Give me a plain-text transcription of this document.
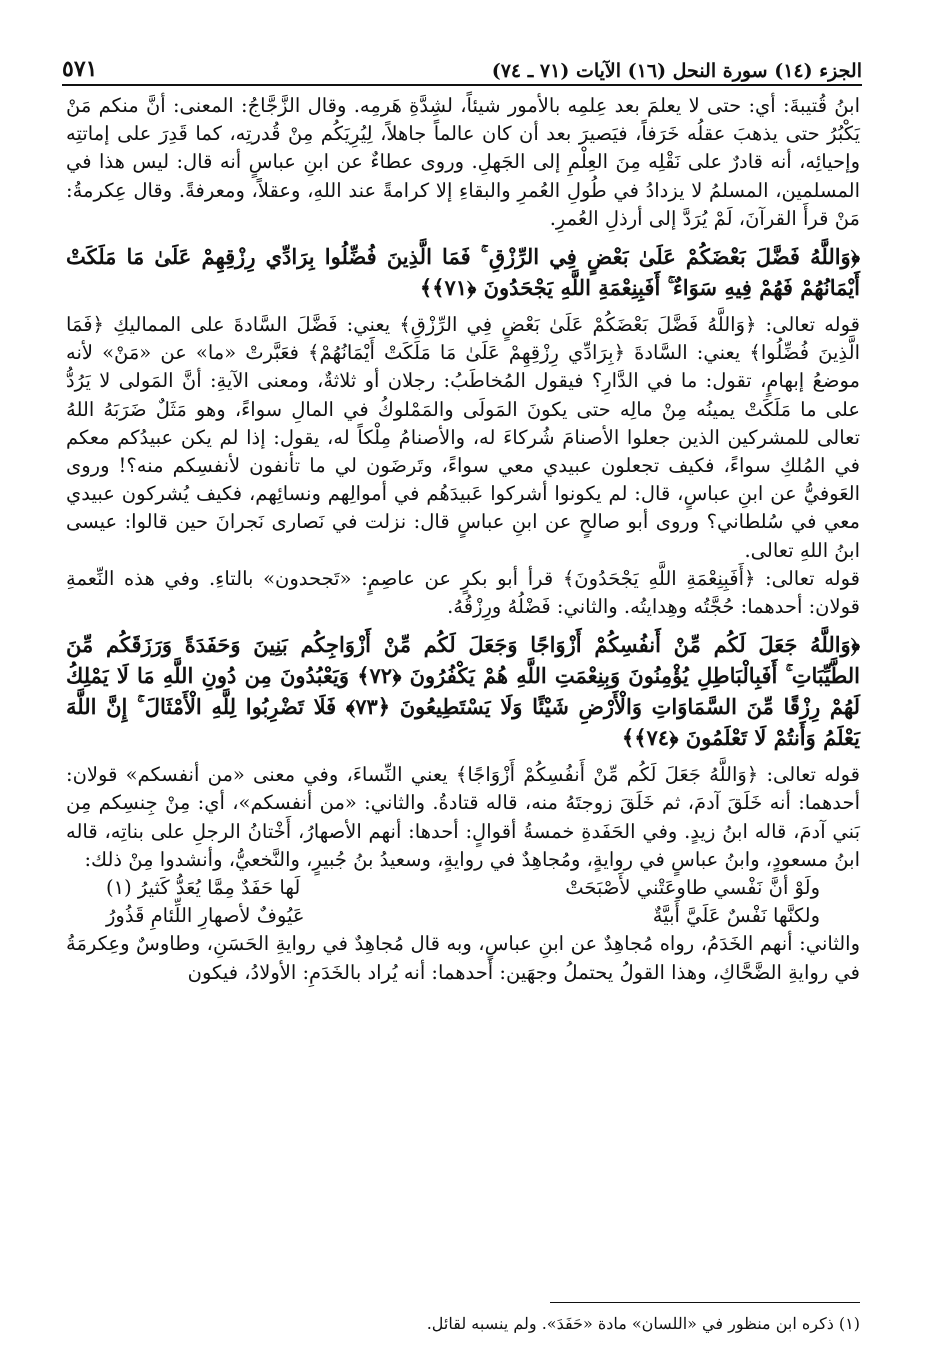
الجزء (١٤) سورة النحل (١٦) الآيات (٧١ ـ ٧٤)
٥٧١

ابنُ قُتيبةَ: أي: حتى لا يعلمَ بعد عِلمِه بالأمور شيئاً، لشِدَّةِ هَرمِه. وقال الزَّجَّاجُ: المعنى: أنَّ منكم مَنْ يَكْبُرُ حتى يذهبَ عقلُه خَرَفاً، فيَصيرَ بعد أن كان عالماً جاهلاً، لِيُرِيَكُم مِنْ قُدرتِه، كما قَدِرَ على إماتتِه وإحيائِه، أنه قادرٌ على نَقْلِه مِنَ العِلْمِ إلى الجَهلِ. وروى عطاءٌ عن ابنِ عباسٍ أنه قال: ليس هذا في المسلمين، المسلمُ لا يزدادُ في طُولِ العُمرِ والبقاءِ إلا كرامةً عند اللهِ، وعقلاً، ومعرفةً. وقال عِكرمةُ: مَنْ قرأَ القرآنَ، لَمْ يُرَدَّ إلى أرذلِ العُمرِ.

﴿وَاللَّهُ فَضَّلَ بَعْضَكُمْ عَلَىٰ بَعْضٍ فِي الرِّزْقِ ۚ فَمَا الَّذِينَ فُضِّلُوا بِرَادِّي رِزْقِهِمْ عَلَىٰ مَا مَلَكَتْ أَيْمَانُهُمْ فَهُمْ فِيهِ سَوَاءٌ ۚ أَفَبِنِعْمَةِ اللَّهِ يَجْحَدُونَ ﴿٧١﴾﴾

قوله تعالى: ﴿وَاللَّهُ فَضَّلَ بَعْضَكُمْ عَلَىٰ بَعْضٍ فِي الرِّزْقِ﴾ يعني: فَضَّلَ السَّادةَ على المماليكِ ﴿فَمَا الَّذِينَ فُضِّلُوا﴾ يعني: السَّادةَ ﴿بِرَادِّي رِزْقِهِمْ عَلَىٰ مَا مَلَكَتْ أَيْمَانُهُمْ﴾ فعَبَّرتْ «ما» عن «مَنْ» لأنه موضعُ إبهامٍ، تقول: ما في الدَّارِ؟ فيقول المُخاطَبُ: رجلان أو ثلاثةٌ، ومعنى الآيةِ: أنَّ المَولى لا يَرُدُّ على ما مَلَكَتْ يمينُه مِنْ مالِه حتى يكونَ المَولَى والمَمْلوكُ في المالِ سواءً، وهو مَثَلٌ ضَرَبَهُ اللهُ تعالى للمشركين الذين جعلوا الأصنامَ شُركاءَ له، والأصنامُ مِلْكاً له، يقول: إذا لم يكن عبيدُكم معكم في المُلكِ سواءً، فكيف تجعلون عبيدي معي سواءً، وتَرضَون لي ما تأنفون لأنفسِكم منه؟! وروى العَوفيُّ عن ابنِ عباسٍ، قال: لم يكونوا أشركوا عَبيدَهُم في أموالِهم ونسائِهم، فكيف يُشركون عبيدي معي في سُلطاني؟ وروى أبو صالحٍ عن ابنِ عباسٍ قال: نزلت في نَصارى نَجرانَ حين قالوا: عيسى ابنُ اللهِ تعالى.

قوله تعالى: ﴿أَفَبِنِعْمَةِ اللَّهِ يَجْحَدُونَ﴾ قرأ أبو بكرٍ عن عاصِمٍ: «تَجحدون» بالتاءِ. وفي هذه النِّعمةِ قولان: أحدهما: حُجَّتُه وهِدايتُه. والثاني: فَضْلُهُ ورِزْقُهُ.

﴿وَاللَّهُ جَعَلَ لَكُم مِّنْ أَنفُسِكُمْ أَزْوَاجًا وَجَعَلَ لَكُم مِّنْ أَزْوَاجِكُم بَنِينَ وَحَفَدَةً وَرَزَقَكُم مِّنَ الطَّيِّبَاتِ ۚ أَفَبِالْبَاطِلِ يُؤْمِنُونَ وَبِنِعْمَتِ اللَّهِ هُمْ يَكْفُرُونَ ﴿٧٢﴾ وَيَعْبُدُونَ مِن دُونِ اللَّهِ مَا لَا يَمْلِكُ لَهُمْ رِزْقًا مِّنَ السَّمَاوَاتِ وَالْأَرْضِ شَيْئًا وَلَا يَسْتَطِيعُونَ ﴿٧٣﴾ فَلَا تَضْرِبُوا لِلَّهِ الْأَمْثَالَ ۚ إِنَّ اللَّهَ يَعْلَمُ وَأَنتُمْ لَا تَعْلَمُونَ ﴿٧٤﴾﴾

قوله تعالى: ﴿وَاللَّهُ جَعَلَ لَكُم مِّنْ أَنفُسِكُمْ أَزْوَاجًا﴾ يعني النِّساءَ، وفي معنى «من أنفسكم» قولان: أحدهما: أنه خَلَقَ آدمَ، ثم خَلَقَ زوجتَهُ منه، قاله قتادةُ. والثاني: «من أنفسكم»، أي: مِنْ جِنسِكم مِن بَني آدمَ، قاله ابنُ زيدٍ. وفي الحَفَدةِ خمسةُ أقوالٍ: أحدها: أنهم الأصهارُ، أَخْتانُ الرجلِ على بناتِه، قاله ابنُ مسعودٍ، وابنُ عباسٍ في روايةٍ، ومُجاهِدٌ في روايةٍ، وسعيدُ بنُ جُبيرٍ، والنَّخعيُّ، وأنشدوا مِنْ ذلك:

ولَوْ أنَّ نَفْسي طاوعَتْني لأَصْبَحَتْ
لَها حَفَدٌ مِمَّا يُعَدُّ كَثيرُ (١)
ولكنَّها نَفْسٌ عَلَيَّ أَبيَّةٌ
عَيُوفٌ لأصهارِ اللِّئامِ قَذُورُ

والثاني: أنهم الخَدَمُ، رواه مُجاهِدٌ عن ابنِ عباسٍ، وبه قال مُجاهِدٌ في روايةِ الحَسَنِ، وطاوسٌ وعِكرمَةُ في روايةِ الضَّحَّاكِ، وهذا القولُ يحتملُ وجهَين: أحدهما: أنه يُراد بالخَدَمِ: الأولادُ، فيكون

(١) ذكره ابن منظور في «اللسان» مادة «حَفَدَ». ولم ينسبه لقائل.
